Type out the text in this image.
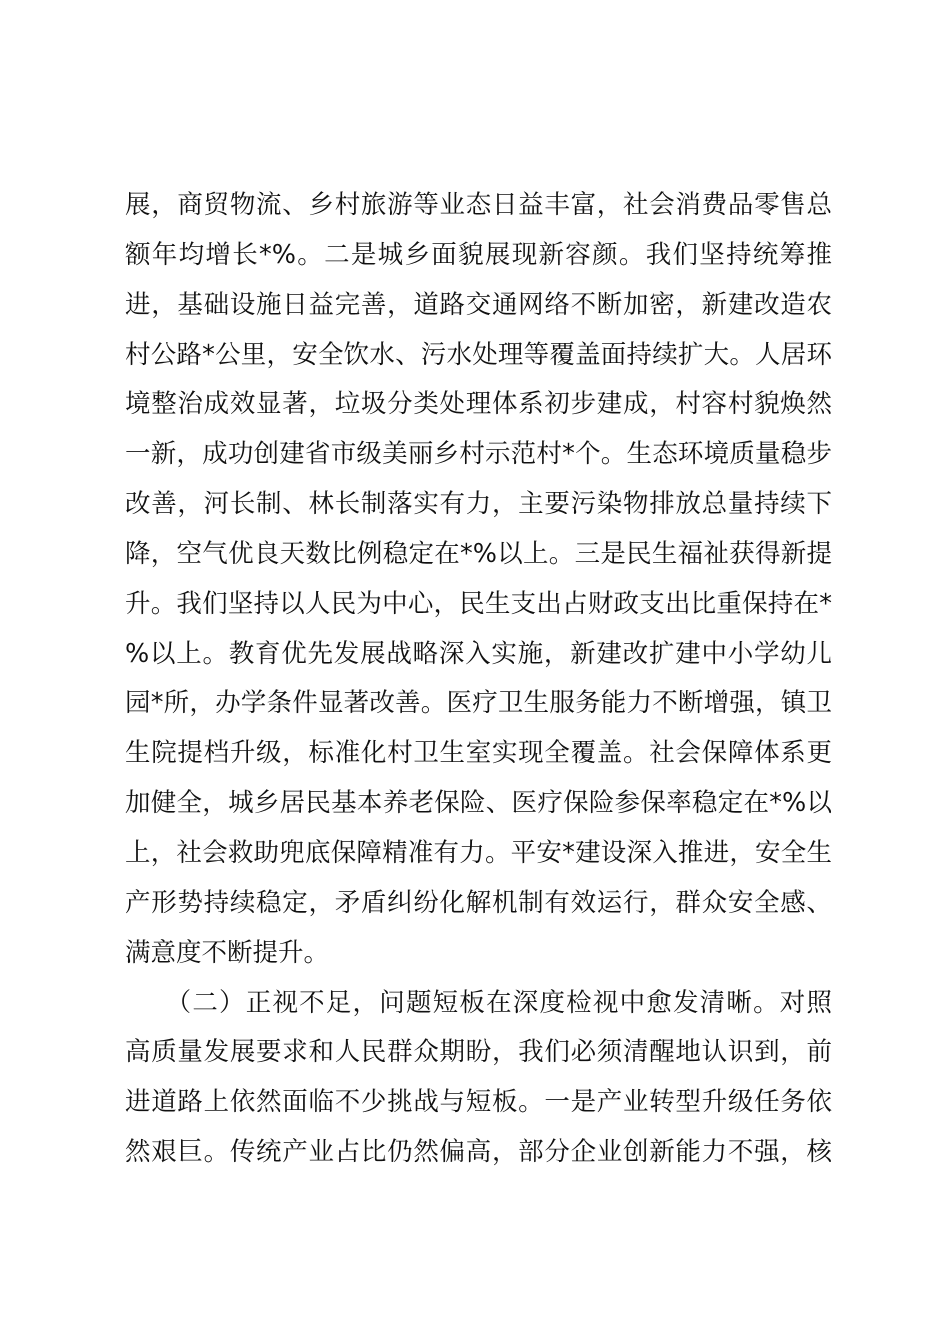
展，商贸物流、乡村旅游等业态日益丰富，社会消费品零售总
额年均增长*%。二是城乡面貌展现新容颜。我们坚持统筹推
进，基础设施日益完善，道路交通网络不断加密，新建改造农
村公路*公里，安全饮水、污水处理等覆盖面持续扩大。人居环
境整治成效显著，垃圾分类处理体系初步建成，村容村貌焕然
一新，成功创建省市级美丽乡村示范村*个。生态环境质量稳步
改善，河长制、林长制落实有力，主要污染物排放总量持续下
降，空气优良天数比例稳定在*%以上。三是民生福祉获得新提
升。我们坚持以人民为中心，民生支出占财政支出比重保持在*
%以上。教育优先发展战略深入实施，新建改扩建中小学幼儿
园*所，办学条件显著改善。医疗卫生服务能力不断增强，镇卫
生院提档升级，标准化村卫生室实现全覆盖。社会保障体系更
加健全，城乡居民基本养老保险、医疗保险参保率稳定在*%以
上，社会救助兜底保障精准有力。平安*建设深入推进，安全生
产形势持续稳定，矛盾纠纷化解机制有效运行，群众安全感、
满意度不断提升。
　　（二）正视不足，问题短板在深度检视中愈发清晰。对照
高质量发展要求和人民群众期盼，我们必须清醒地认识到，前
进道路上依然面临不少挑战与短板。一是产业转型升级任务依
然艰巨。传统产业占比仍然偏高，部分企业创新能力不强，核
